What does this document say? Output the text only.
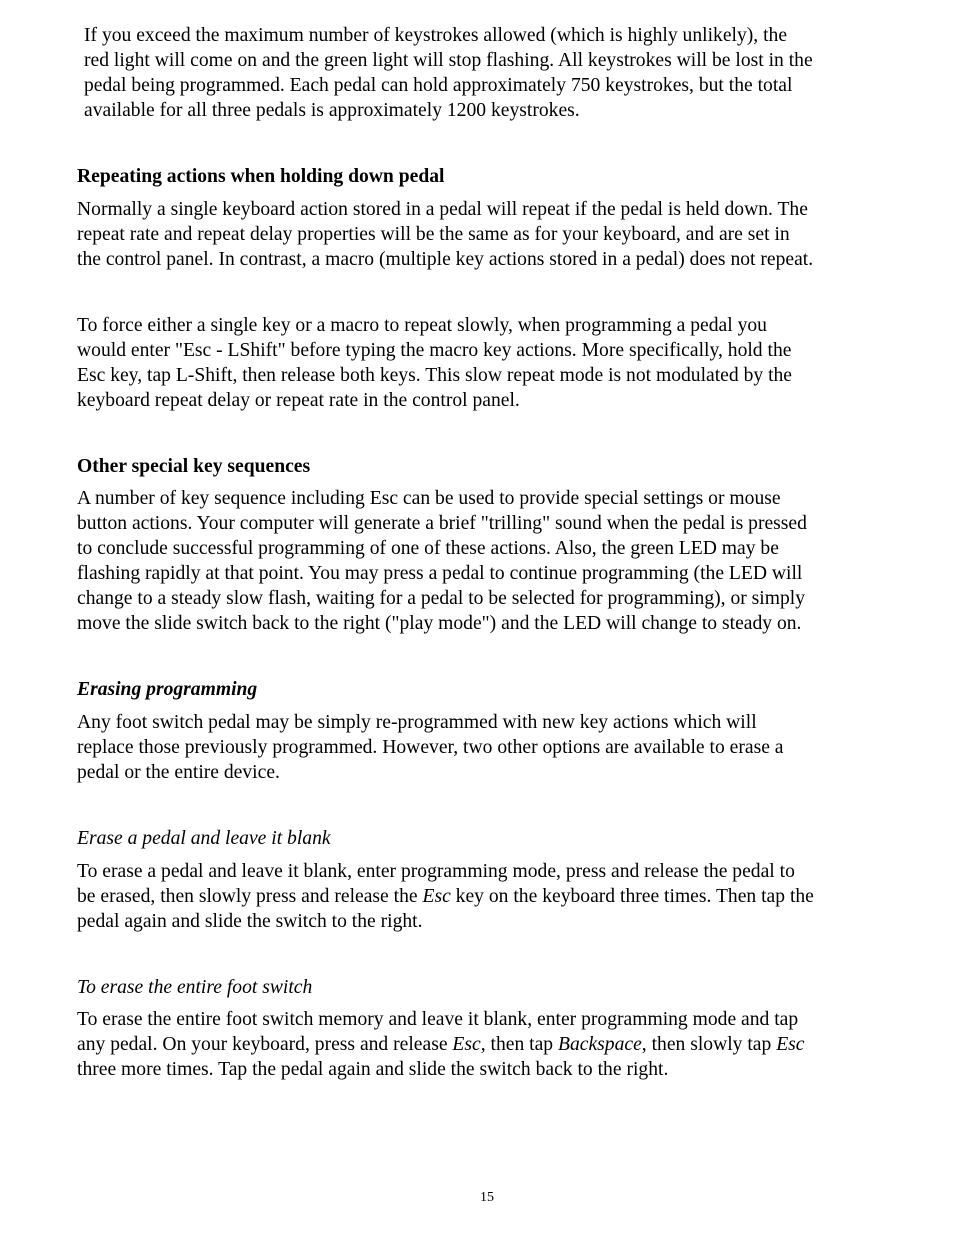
If you exceed the maximum number of keystrokes allowed (which is highly unlikely), the
red light will come on and the green light will stop flashing. All keystrokes will be lost in the
pedal being programmed. Each pedal can hold approximately 750 keystrokes, but the total
available for all three pedals is approximately 1200 keystrokes.
Repeating actions when holding down pedal
Normally a single keyboard action stored in a pedal will repeat if the pedal is held down. The
repeat rate and repeat delay properties will be the same as for your keyboard, and are set in
the control panel. In contrast, a macro (multiple key actions stored in a pedal) does not repeat.
To force either a single key or a macro to repeat slowly, when programming a pedal you
would enter "Esc - LShift" before typing the macro key actions. More specifically, hold the
Esc key, tap L-Shift, then release both keys. This slow repeat mode is not modulated by the
keyboard repeat delay or repeat rate in the control panel.
Other special key sequences
A number of key sequence including Esc can be used to provide special settings or mouse
button actions. Your computer will generate a brief "trilling" sound when the pedal is pressed
to conclude successful programming of one of these actions. Also, the green LED may be
flashing rapidly at that point. You may press a pedal to continue programming (the LED will
change to a steady slow flash, waiting for a pedal to be selected for programming), or simply
move the slide switch back to the right ("play mode") and the LED will change to steady on.
Erasing programming
Any foot switch pedal may be simply re-programmed with new key actions which will
replace those previously programmed. However, two other options are available to erase a
pedal or the entire device.
Erase a pedal and leave it blank
To erase a pedal and leave it blank, enter programming mode, press and release the pedal to
be erased, then slowly press and release the Esc key on the keyboard three times. Then tap the
pedal again and slide the switch to the right.
To erase the entire foot switch
To erase the entire foot switch memory and leave it blank, enter programming mode and tap
any pedal. On your keyboard, press and release Esc, then tap Backspace, then slowly tap Esc
three more times. Tap the pedal again and slide the switch back to the right.
15
